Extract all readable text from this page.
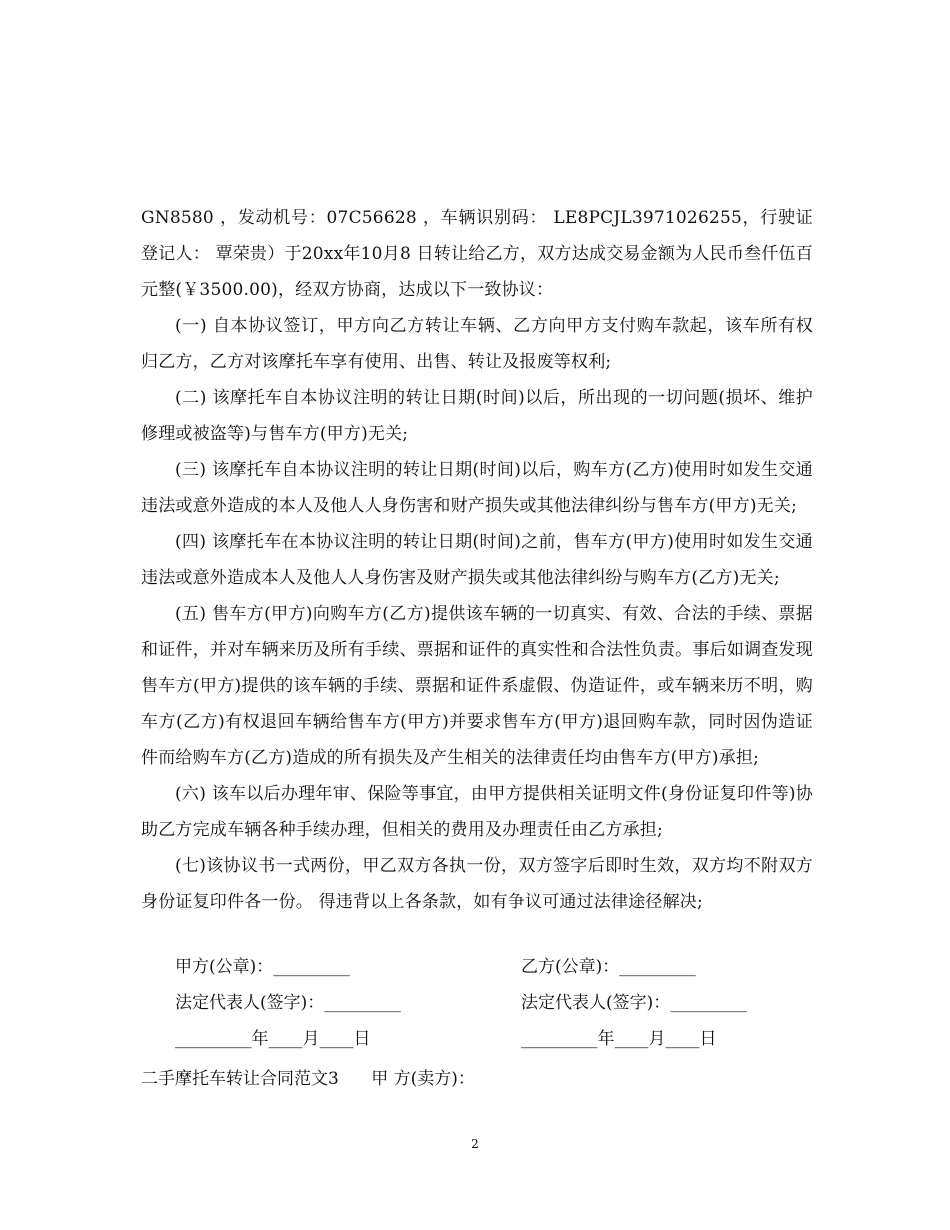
GN8580 ，发动机号：07C56628 ，车辆识别码： LE8PCJL3971026255，行驶证登记人： 覃荣贵）于20xx年10月8 日转让给乙方，双方达成交易金额为人民币叁仟伍百元整(￥3500.00)，经双方协商，达成以下一致协议：

(一) 自本协议签订，甲方向乙方转让车辆、乙方向甲方支付购车款起，该车所有权归乙方，乙方对该摩托车享有使用、出售、转让及报废等权利;

(二) 该摩托车自本协议注明的转让日期(时间)以后，所出现的一切问题(损坏、维护修理或被盗等)与售车方(甲方)无关;

(三) 该摩托车自本协议注明的转让日期(时间)以后，购车方(乙方)使用时如发生交通违法或意外造成的本人及他人人身伤害和财产损失或其他法律纠纷与售车方(甲方)无关;

(四) 该摩托车在本协议注明的转让日期(时间)之前，售车方(甲方)使用时如发生交通违法或意外造成本人及他人人身伤害及财产损失或其他法律纠纷与购车方(乙方)无关;

(五) 售车方(甲方)向购车方(乙方)提供该车辆的一切真实、有效、合法的手续、票据和证件，并对车辆来历及所有手续、票据和证件的真实性和合法性负责。事后如调查发现售车方(甲方)提供的该车辆的手续、票据和证件系虚假、伪造证件，或车辆来历不明，购车方(乙方)有权退回车辆给售车方(甲方)并要求售车方(甲方)退回购车款，同时因伪造证件而给购车方(乙方)造成的所有损失及产生相关的法律责任均由售车方(甲方)承担;

(六) 该车以后办理年审、保险等事宜，由甲方提供相关证明文件(身份证复印件等)协助乙方完成车辆各种手续办理，但相关的费用及办理责任由乙方承担;

(七)该协议书一式两份，甲乙双方各执一份，双方签字后即时生效，双方均不附双方身份证复印件各一份。 得违背以上各条款，如有争议可通过法律途径解决;

甲方(公章)：_________	乙方(公章)：_________
法定代表人(签字)：_________	法定代表人(签字)：_________
_________年____月____日	_________年____月____日
二手摩托车转让合同范文3 甲 方(卖方)：
2
